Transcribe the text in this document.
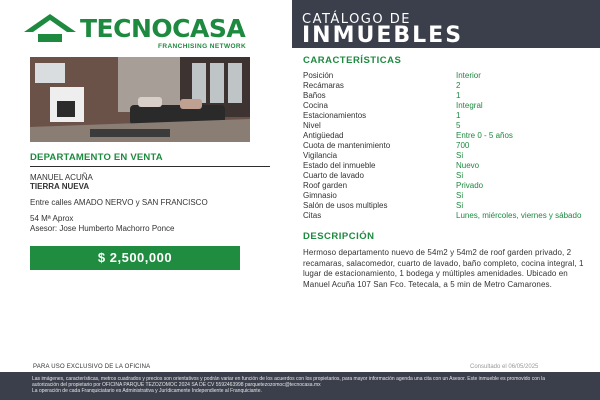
TECNOCASA
FRANCHISING NETWORK
CATÁLOGO DE
INMUEBLES
DEPARTAMENTO EN VENTA
MANUEL ACUÑA
TIERRA NUEVA
Entre calles AMADO NERVO y SAN FRANCISCO
54 Mª Aprox
Asesor: Jose Humberto Machorro Ponce
$ 2,500,000
CARACTERÍSTICAS
Posición	Interior
Recámaras	2
Baños	1
Cocina	Integral
Estacionamientos	1
Nivel	5
Antigüedad	Entre 0 - 5 años
Cuota de mantenimiento	700
Vigilancia	Si
Estado del inmueble	Nuevo
Cuarto de lavado	Si
Roof garden	Privado
Gimnasio	Si
Salón de usos multiples	Si
Citas	Lunes, miércoles, viernes y sábado
DESCRIPCIÓN
Hermoso departamento nuevo de 54m2 y 54m2 de roof garden privado, 2 recamaras, salacomedor, cuarto de lavado, baño completo, cocina integral, 1 lugar de estacionamiento, 1 bodega y múltiples amenidades. Ubicado en Manuel Acuña 107 San Fco. Tetecala, a 5 min de Metro Camarones.
PARA USO EXCLUSIVO DE LA OFICINA	Consultado el 06/05/2025
Las imágenes, características, metros cuadrados y precios son orientativos y podrán variar en función de los acuerdos con los propietarios, para mayor información agenda una cita con un Asesor. Este inmueble es promovido con la autorización del propietario por OFICINA PARQUE TEZOZOMOC 2024 SA DE CV 5592463998 parquetezozomoc@tecnocasa.mx
La operación de cada Franquiciatario es Administrativa y Jurídicamente Independiente al Franquiciante.
